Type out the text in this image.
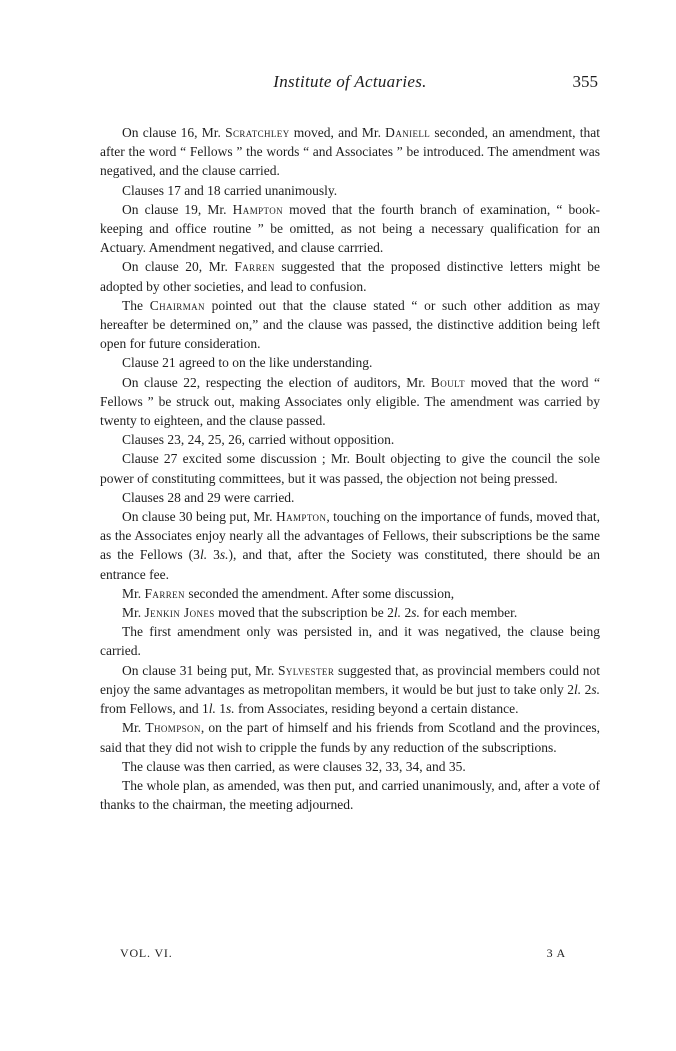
Institute of Actuaries.	355

On clause 16, Mr. Scratchley moved, and Mr. Daniell seconded, an amendment, that after the word “ Fellows ” the words “ and Associates ” be introduced. The amendment was negatived, and the clause carried.

Clauses 17 and 18 carried unanimously.

On clause 19, Mr. Hampton moved that the fourth branch of examination, “ book-keeping and office routine ” be omitted, as not being a necessary qualification for an Actuary. Amendment negatived, and clause carrried.

On clause 20, Mr. Farren suggested that the proposed distinctive letters might be adopted by other societies, and lead to confusion.

The Chairman pointed out that the clause stated “ or such other addition as may hereafter be determined on,” and the clause was passed, the distinctive addition being left open for future consideration.

Clause 21 agreed to on the like understanding.

On clause 22, respecting the election of auditors, Mr. Boult moved that the word “ Fellows ” be struck out, making Associates only eligible. The amendment was carried by twenty to eighteen, and the clause passed.

Clauses 23, 24, 25, 26, carried without opposition.

Clause 27 excited some discussion ; Mr. Boult objecting to give the council the sole power of constituting committees, but it was passed, the objection not being pressed.

Clauses 28 and 29 were carried.

On clause 30 being put, Mr. Hampton, touching on the importance of funds, moved that, as the Associates enjoy nearly all the advantages of Fellows, their subscriptions be the same as the Fellows (3l. 3s.), and that, after the Society was constituted, there should be an entrance fee.

Mr. Farren seconded the amendment. After some discussion,

Mr. Jenkin Jones moved that the subscription be 2l. 2s. for each member.

The first amendment only was persisted in, and it was negatived, the clause being carried.

On clause 31 being put, Mr. Sylvester suggested that, as provincial members could not enjoy the same advantages as metropolitan members, it would be but just to take only 2l. 2s. from Fellows, and 1l. 1s. from Associates, residing beyond a certain distance.

Mr. Thompson, on the part of himself and his friends from Scotland and the provinces, said that they did not wish to cripple the funds by any reduction of the subscriptions.

The clause was then carried, as were clauses 32, 33, 34, and 35.

The whole plan, as amended, was then put, and carried unanimously, and, after a vote of thanks to the chairman, the meeting adjourned.

VOL. VI.	3 A
